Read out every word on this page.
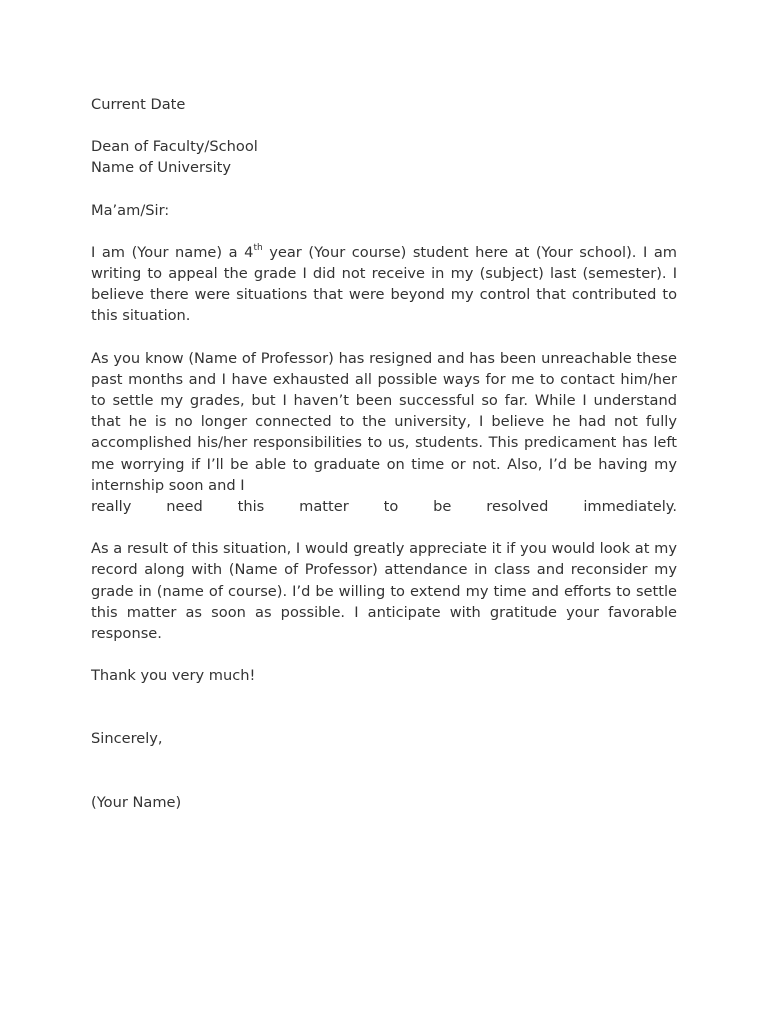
Current Date
Dean of Faculty/School
Name of University
Ma’am/Sir:

I am (Your name) a 4th year (Your course) student here at (Your school). I am writing to appeal the grade I did not receive in my (subject) last (semester). I believe there were situations that were beyond my control that contributed to this situation.

As you know (Name of Professor) has resigned and has been unreachable these past months and I have exhausted all possible ways for me to contact him/her to settle my grades, but I haven’t been successful so far. While I understand that he is no longer connected to the university, I believe he had not fully accomplished his/her responsibilities to us, students. This predicament has left me worrying if I’ll be able to graduate on time or not. Also, I’d be having my internship soon and I

really need this matter to be resolved immediately.

As a result of this situation, I would greatly appreciate it if you would look at my record along with (Name of Professor) attendance in class and reconsider my grade in (name of course). I’d be willing to extend my time and efforts to settle this matter as soon as possible. I anticipate with gratitude your favorable response.

Thank you very much!
Sincerely,
(Your Name)
